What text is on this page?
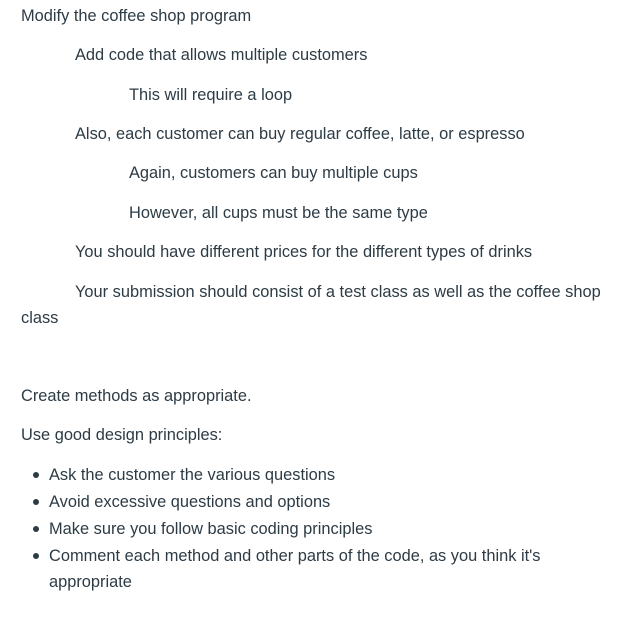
Modify the coffee shop program
Add code that allows multiple customers
This will require a loop
Also, each customer can buy regular coffee, latte, or espresso
Again, customers can buy multiple cups
However, all cups must be the same type
You should have different prices for the different types of drinks
Your submission should consist of a test class as well as the coffee shop class
Create methods as appropriate.
Use good design principles:
Ask the customer the various questions
Avoid excessive questions and options
Make sure you follow basic coding principles
Comment each method and other parts of the code, as you think it's appropriate
